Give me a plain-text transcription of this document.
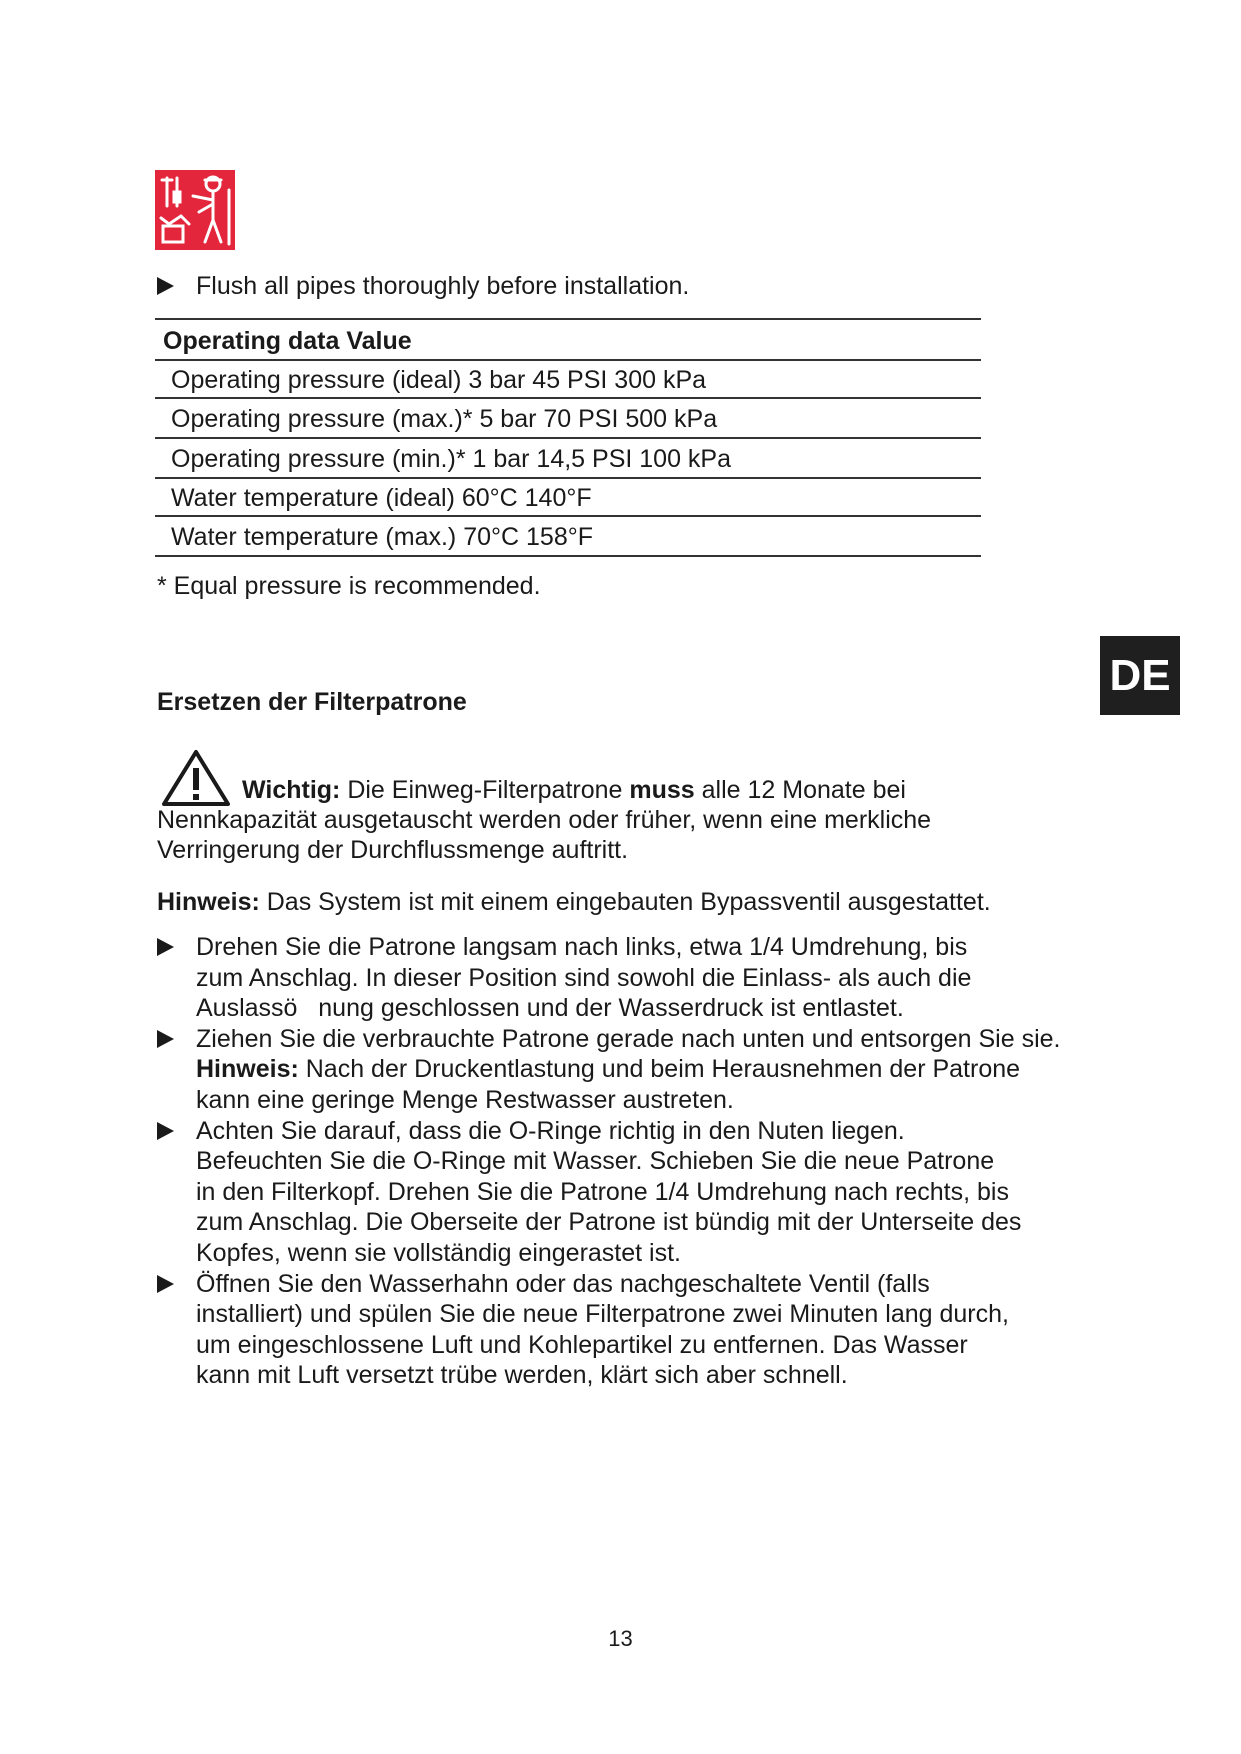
Flush all pipes thoroughly before installation.
Operating data Value
Operating pressure (ideal) 3 bar 45 PSI 300 kPa
Operating pressure (max.)* 5 bar 70 PSI 500 kPa
Operating pressure (min.)* 1 bar 14,5 PSI 100 kPa
Water temperature (ideal) 60°C 140°F
Water temperature (max.) 70°C 158°F
* Equal pressure is recommended.
DE
Ersetzen der Filterpatrone
Wichtig: Die Einweg-Filterpatrone muss alle 12 Monate bei
Nennkapazität ausgetauscht werden oder früher, wenn eine merkliche
Verringerung der Durchflussmenge auftritt.
Hinweis: Das System ist mit einem eingebauten Bypassventil ausgestattet.
Drehen Sie die Patrone langsam nach links, etwa 1/4 Umdrehung, bis
zum Anschlag. In dieser Position sind sowohl die Einlass- als auch die
Auslassö   nung geschlossen und der Wasserdruck ist entlastet.
Ziehen Sie die verbrauchte Patrone gerade nach unten und entsorgen Sie sie.
Hinweis: Nach der Druckentlastung und beim Herausnehmen der Patrone
kann eine geringe Menge Restwasser austreten.
Achten Sie darauf, dass die O-Ringe richtig in den Nuten liegen.
Befeuchten Sie die O-Ringe mit Wasser. Schieben Sie die neue Patrone
in den Filterkopf. Drehen Sie die Patrone 1/4 Umdrehung nach rechts, bis
zum Anschlag. Die Oberseite der Patrone ist bündig mit der Unterseite des
Kopfes, wenn sie vollständig eingerastet ist.
Öffnen Sie den Wasserhahn oder das nachgeschaltete Ventil (falls
installiert) und spülen Sie die neue Filterpatrone zwei Minuten lang durch,
um eingeschlossene Luft und Kohlepartikel zu entfernen. Das Wasser
kann mit Luft versetzt trübe werden, klärt sich aber schnell.
13
